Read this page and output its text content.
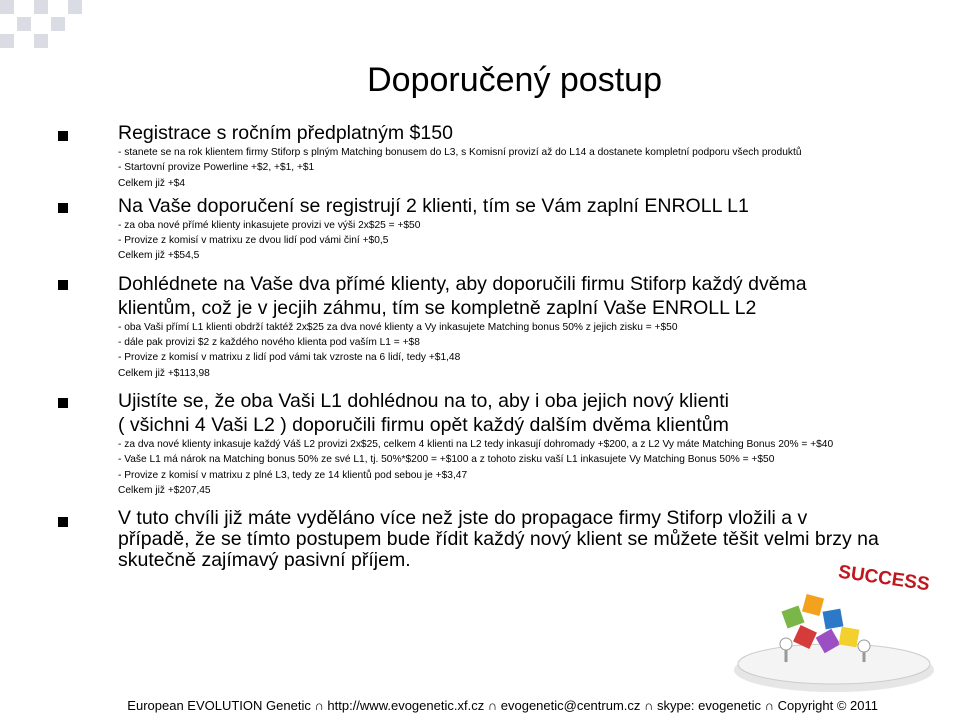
Doporučený postup
Registrace s ročním předplatným $150
- stanete se na rok klientem firmy Stiforp s plným Matching bonusem do L3, s Komisní provizí až do L14 a dostanete kompletní podporu všech produktů
- Startovní provize Powerline +$2, +$1, +$1
Celkem již +$4
Na Vaše doporučení se registrují 2 klienti, tím se Vám zaplní ENROLL L1
- za oba nové přímé klienty inkasujete provizi ve výši 2x$25 = +$50
- Provize z komisí v matrixu ze dvou lidí pod vámi činí +$0,5
Celkem již +$54,5
Dohlédnete na Vaše dva přímé klienty, aby doporučili firmu Stiforp každý dvěma
klientům, což je v jecjih záhmu, tím se kompletně zaplní Vaše ENROLL L2
- oba Vaši přímí L1 klienti obdrží taktéž 2x$25 za dva nové klienty a Vy inkasujete Matching bonus 50% z jejich zisku = +$50
- dále pak provizi $2 z každého nového klienta pod vaším L1 = +$8
- Provize z komisí v matrixu z lidí pod vámi tak vzroste na 6 lidí, tedy +$1,48
Celkem již +$113,98
Ujistíte se, že oba Vaši L1 dohlédnou na to, aby i oba jejich nový klienti
( všichni 4 Vaši L2 ) doporučili firmu opět každý dalším dvěma klientům
- za dva nové klienty inkasuje každý Váš L2 provizi 2x$25, celkem 4 klienti na L2 tedy inkasují dohromady +$200, a z L2 Vy máte Matching Bonus 20% = +$40
- Vaše L1 má nárok na Matching bonus 50% ze své L1, tj. 50%*$200 = +$100 a z tohoto zisku vaší L1 inkasujete Vy Matching Bonus 50% = +$50
- Provize z komisí v matrixu z plné L3, tedy ze 14 klientů pod sebou je +$3,47
Celkem již +$207,45
V tuto chvíli již máte vyděláno více než jste do propagace firmy Stiforp vložili a v
případě, že se tímto postupem bude řídit každý nový klient se můžete těšit velmi brzy na
skutečně zajímavý pasivní příjem.
SUCCESS
European EVOLUTION Genetic ∩ http://www.evogenetic.xf.cz ∩ evogenetic@centrum.cz ∩ skype: evogenetic ∩ Copyright © 2011
